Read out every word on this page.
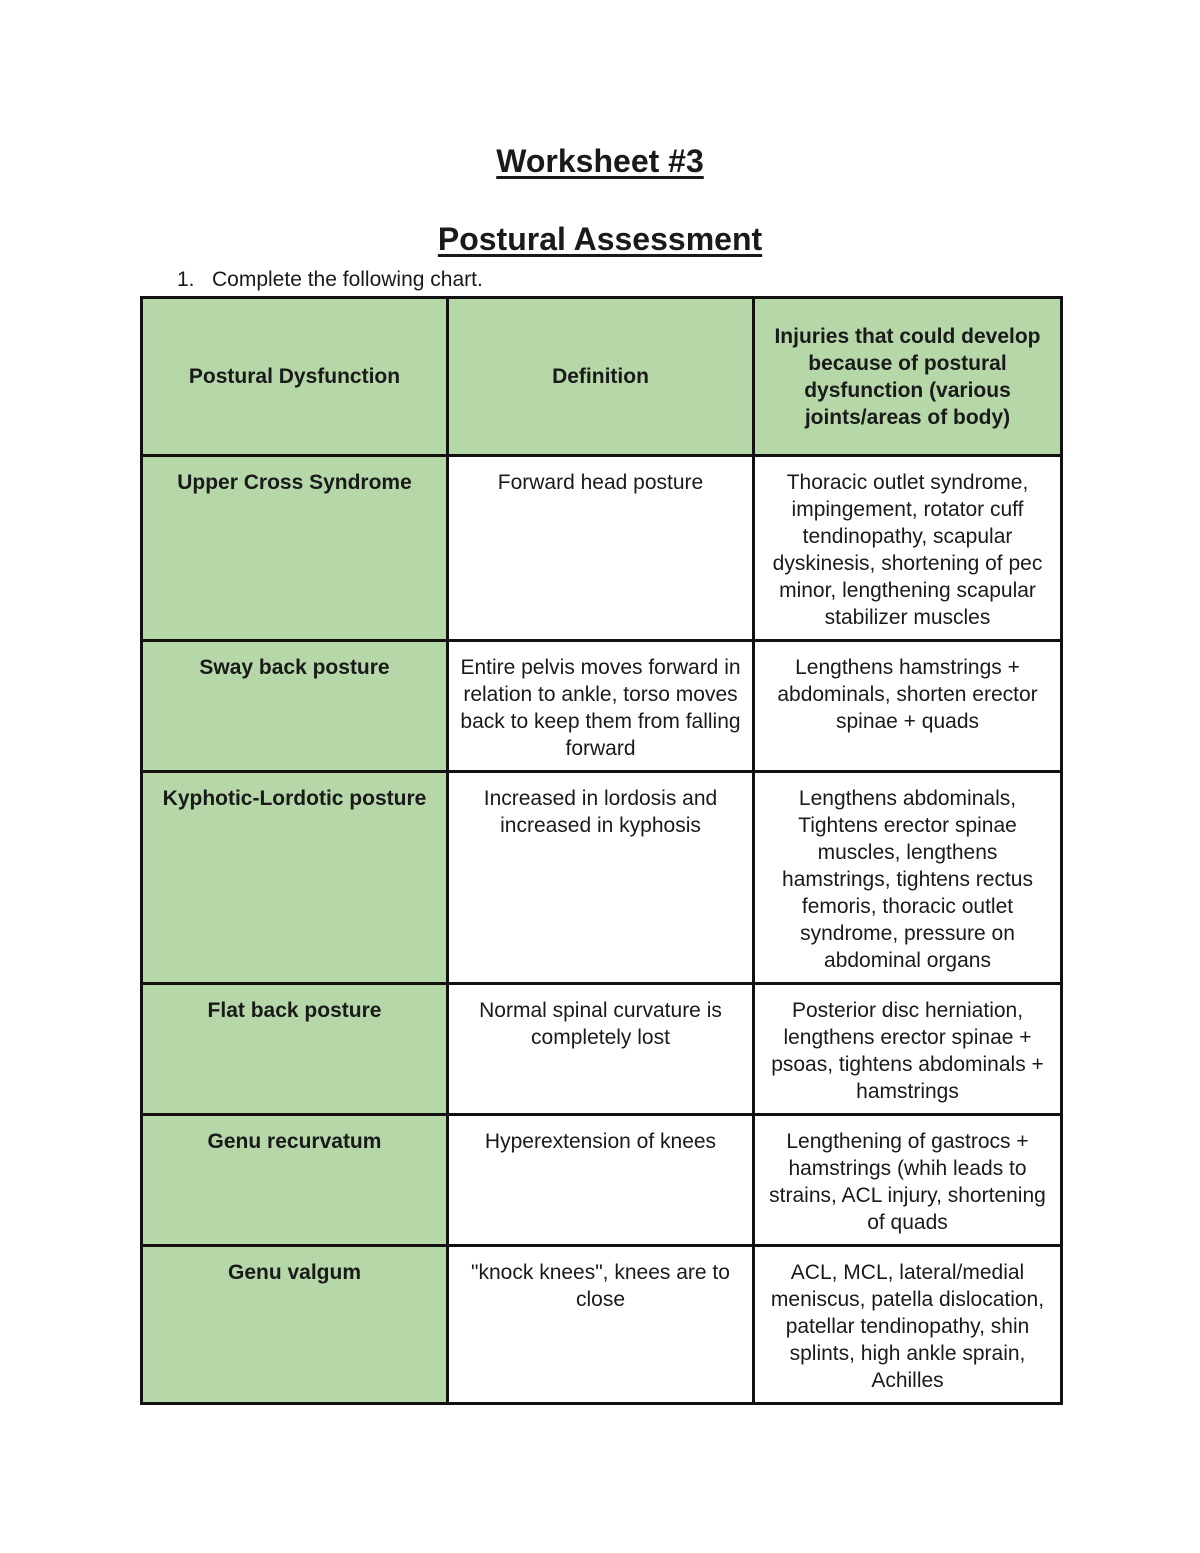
Worksheet #3
Postural Assessment
1. Complete the following chart.
Postural Dysfunction	Definition	Injuries that could develop because of postural dysfunction (various joints/areas of body)
Upper Cross Syndrome	Forward head posture	Thoracic outlet syndrome, impingement, rotator cuff tendinopathy, scapular dyskinesis, shortening of pec minor, lengthening scapular stabilizer muscles
Sway back posture	Entire pelvis moves forward in relation to ankle, torso moves back to keep them from falling forward	Lengthens hamstrings + abdominals, shorten erector spinae + quads
Kyphotic-Lordotic posture	Increased in lordosis and increased in kyphosis	Lengthens abdominals, Tightens erector spinae muscles, lengthens hamstrings, tightens rectus femoris, thoracic outlet syndrome, pressure on abdominal organs
Flat back posture	Normal spinal curvature is completely lost	Posterior disc herniation, lengthens erector spinae + psoas, tightens abdominals + hamstrings
Genu recurvatum	Hyperextension of knees	Lengthening of gastrocs + hamstrings (whih leads to strains, ACL injury, shortening of quads
Genu valgum	"knock knees", knees are to close	ACL, MCL, lateral/medial meniscus, patella dislocation, patellar tendinopathy, shin splints, high ankle sprain, Achilles
